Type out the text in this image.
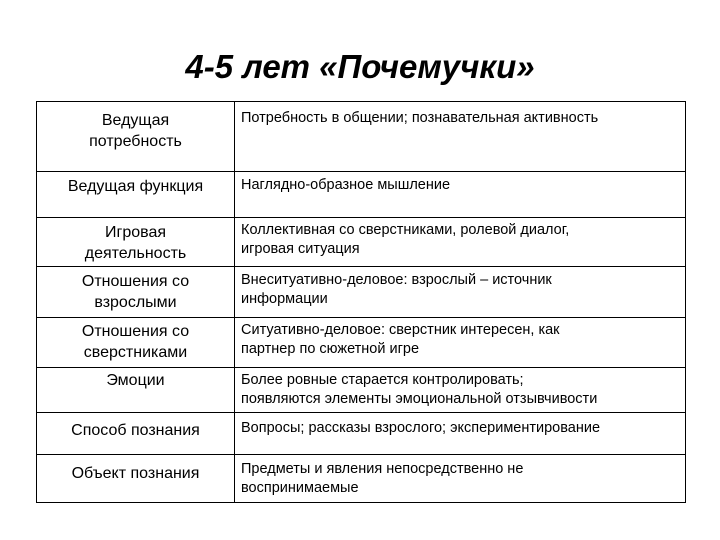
4-5 лет «Почемучки»
Ведущая
потребность	Потребность в общении; познавательная активность

Ведущая функция	Наглядно-образное мышление

Игровая
деятельность	Коллективная со сверстниками, ролевой диалог,
игровая ситуация

Отношения со
взрослыми	Внеситуативно-деловое: взрослый – источник
информации

Отношения со
сверстниками	Ситуативно-деловое: сверстник интересен, как
партнер по сюжетной игре

Эмоции	Более ровные старается контролировать;
появляются элементы эмоциональной отзывчивости

Способ познания	Вопросы; рассказы взрослого; экспериментирование

Объект познания	Предметы и явления непосредственно не
воспринимаемые
